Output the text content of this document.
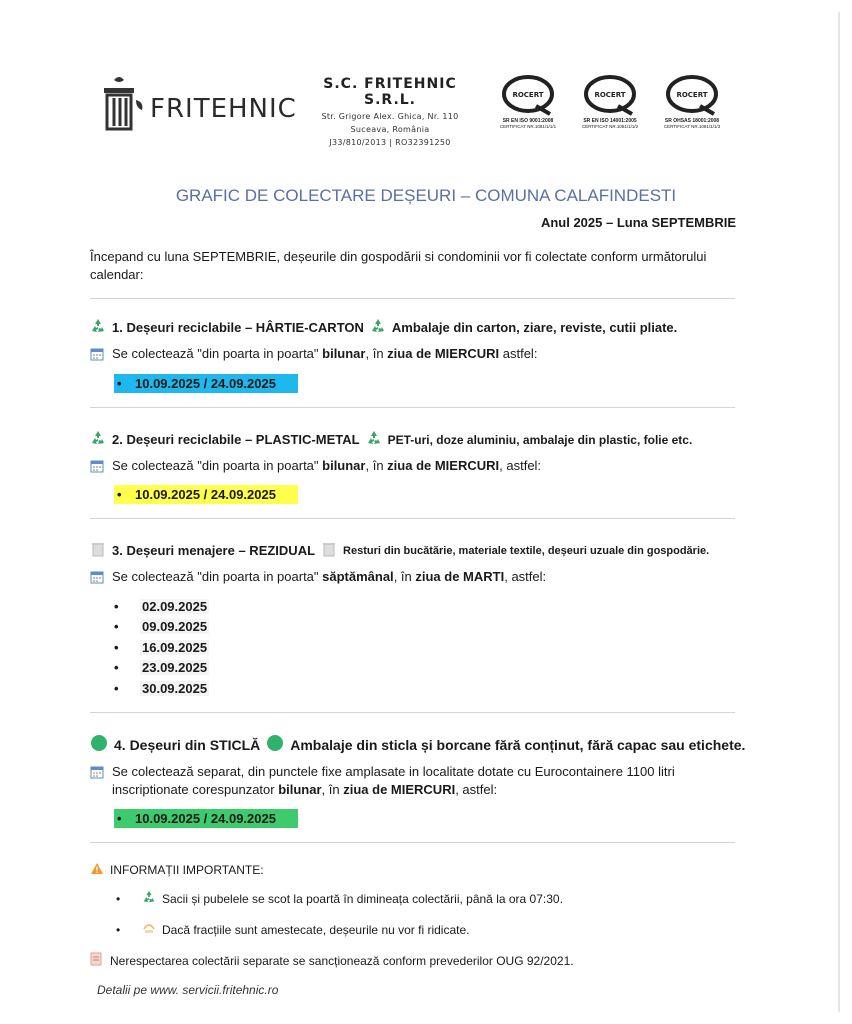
FRITEHNIC
S.C. FRITEHNIC S.R.L.
Str. Grigore Alex. Ghica, Nr. 110
Suceava, România
J33/810/2013 | RO32391250
ROCERT
SR EN ISO 9001:2008
CERTIFICAT NR.1081/1/1/1
ROCERT
SR EN ISO 14001:2005
CERTIFICAT NR.1081/1/1/2
ROCERT
SR OHSAS 18001:2008
CERTIFICAT NR.1081/1/1/3
GRAFIC DE COLECTARE DEȘEURI – COMUNA CALAFINDESTI
Anul 2025 – Luna SEPTEMBRIE
Începand cu luna SEPTEMBRIE, deșeurile din gospodării si condominii vor fi colectate conform următorului calendar:
1. Deșeuri reciclabile – HÂRTIE-CARTON Ambalaje din carton, ziare, reviste, cutii pliate.
Se colectează "din poarta in poarta" bilunar, în ziua de MIERCURI astfel:
• 10.09.2025 / 24.09.2025
2. Deșeuri reciclabile – PLASTIC-METAL PET-uri, doze aluminiu, ambalaje din plastic, folie etc.
Se colectează "din poarta in poarta" bilunar, în ziua de MIERCURI, astfel:
• 10.09.2025 / 24.09.2025
3. Deșeuri menajere – REZIDUAL	Resturi din bucătărie, materiale textile, deșeuri uzuale din gospodărie.
Se colectează "din poarta in poarta" săptămânal, în ziua de MARTI, astfel:
•	02.09.2025
•	09.09.2025
•	16.09.2025
•	23.09.2025
•	30.09.2025
4. Deșeuri din STICLĂ Ambalaje din sticla și borcane fără conținut, fără capac sau etichete.
Se colectează separat, din punctele fixe amplasate in localitate dotate cu Eurocontainere 1100 litri inscriptionate corespunzator bilunar, în ziua de MIERCURI, astfel:
• 10.09.2025 / 24.09.2025
INFORMAȚII IMPORTANTE:
•	Sacii și pubelele se scot la poartă în dimineața colectării, până la ora 07:30.
•	Dacă fracțiile sunt amestecate, deșeurile nu vor fi ridicate.
Nerespectarea colectării separate se sancționează conform prevederilor OUG 92/2021.
Detalii pe www. servicii.fritehnic.ro
